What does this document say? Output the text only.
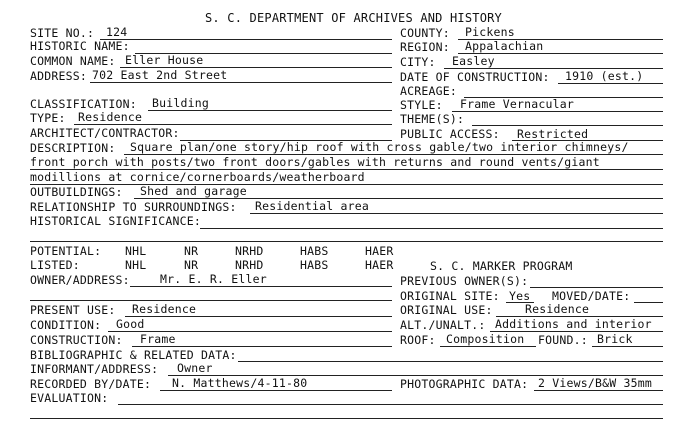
S. C. DEPARTMENT OF ARCHIVES AND HISTORY
SITE NO.: 124
HISTORIC NAME:
COMMON NAME: Eller House
ADDRESS: 702 East 2nd Street
CLASSIFICATION: Building
TYPE: Residence
ARCHITECT/CONTRACTOR:
COUNTY: Pickens
REGION: Appalachian
CITY: Easley
DATE OF CONSTRUCTION: 1910 (est.)
ACREAGE:
STYLE: Frame Vernacular
THEME(S):
PUBLIC ACCESS: Restricted
DESCRIPTION: Square plan/one story/hip roof with cross gable/two interior chimneys/
front porch with posts/two front doors/gables with returns and round vents/giant
modillions at cornice/cornerboards/weatherboard
OUTBUILDINGS: Shed and garage
RELATIONSHIP TO SURROUNDINGS: Residential area
HISTORICAL SIGNIFICANCE:
POTENTIAL: NHL	NR	NRHD	HABS	HAER
LISTED:	NHL	NR	NRHD	HABS	HAER	S. C. MARKER PROGRAM
OWNER/ADDRESS:	Mr. E. R. Eller
PRESENT USE: Residence
CONDITION: Good
CONSTRUCTION: Frame
PREVIOUS OWNER(S):
ORIGINAL SITE: Yes MOVED/DATE:
ORIGINAL USE:	Residence
ALT./UNALT.: Additions and interior
ROOF: Composition FOUND.: Brick
BIBLIOGRAPHIC & RELATED DATA:
INFORMANT/ADDRESS: Owner
RECORDED BY/DATE: N. Matthews/4-11-80	PHOTOGRAPHIC DATA: 2 Views/B&W 35mm
EVALUATION:
